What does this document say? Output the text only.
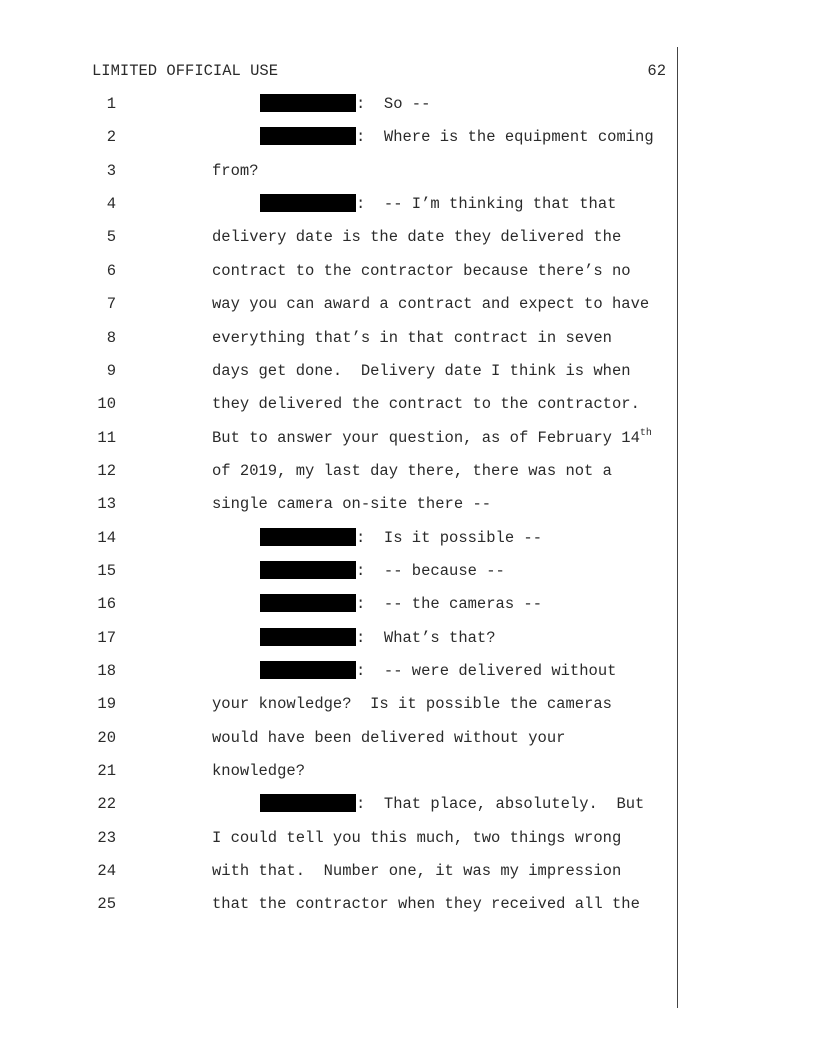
LIMITED OFFICIAL USE	62
1	:  So --
2	:  Where is the equipment coming
3	from?
4	:  -- I’m thinking that that
5	delivery date is the date they delivered the
6	contract to the contractor because there’s no
7	way you can award a contract and expect to have
8	everything that’s in that contract in seven
9	days get done.  Delivery date I think is when
10	they delivered the contract to the contractor.
11	But to answer your question, as of February 14th
12	of 2019, my last day there, there was not a
13	single camera on-site there --
14	:  Is it possible --
15	:  -- because --
16	:  -- the cameras --
17	:  What’s that?
18	:  -- were delivered without
19	your knowledge?  Is it possible the cameras
20	would have been delivered without your
21	knowledge?
22	:  That place, absolutely.  But
23	I could tell you this much, two things wrong
24	with that.  Number one, it was my impression
25	that the contractor when they received all the
